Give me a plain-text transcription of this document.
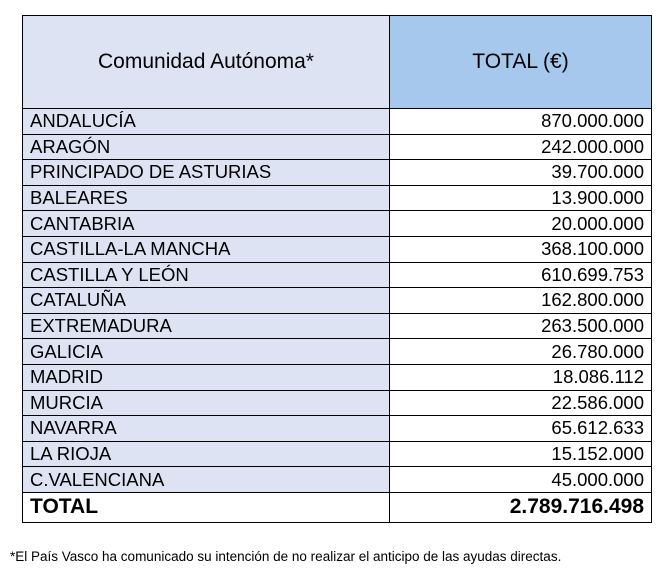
Comunidad Autónoma*	TOTAL (€)
ANDALUCÍA	870.000.000
ARAGÓN	242.000.000
PRINCIPADO DE ASTURIAS	39.700.000
BALEARES	13.900.000
CANTABRIA	20.000.000
CASTILLA-LA MANCHA	368.100.000
CASTILLA Y LEÓN	610.699.753
CATALUÑA	162.800.000
EXTREMADURA	263.500.000
GALICIA	26.780.000
MADRID	18.086.112
MURCIA	22.586.000
NAVARRA	65.612.633
LA RIOJA	15.152.000
C.VALENCIANA	45.000.000
TOTAL	2.789.716.498
*El País Vasco ha comunicado su intención de no realizar el anticipo de las ayudas directas.
